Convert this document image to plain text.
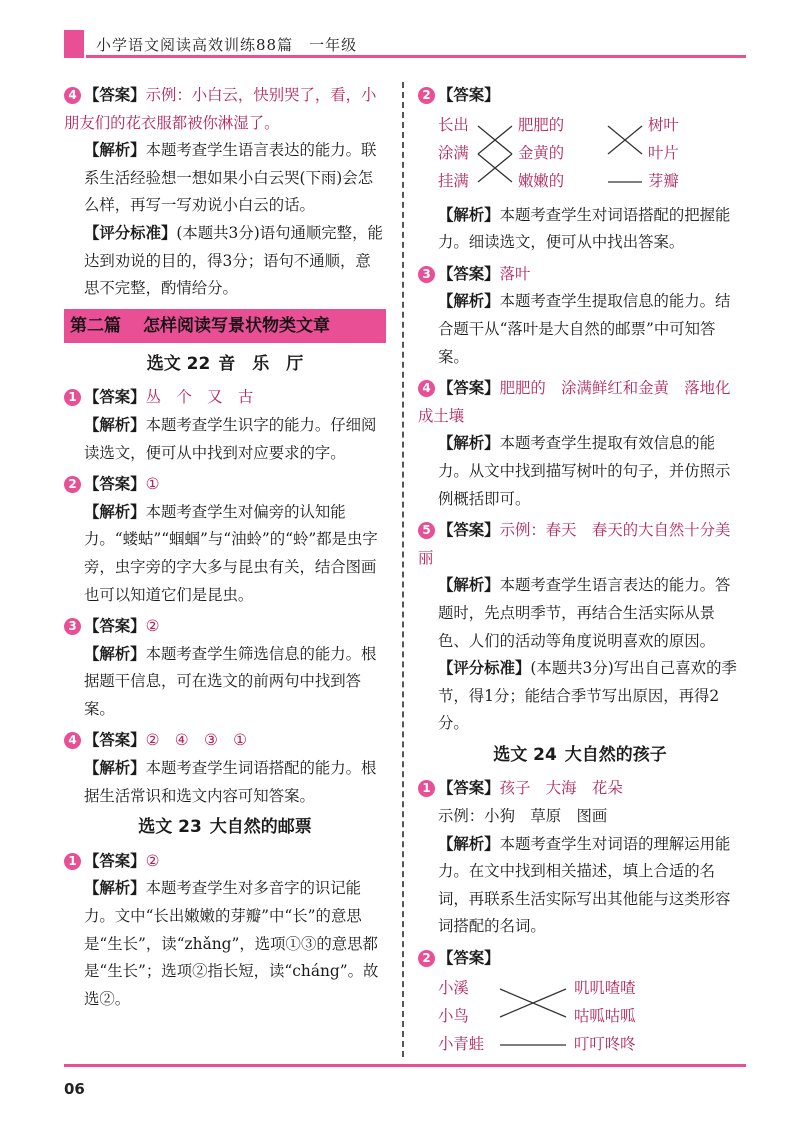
小学语文阅读高效训练88篇　一年级

4 【答案】示例：小白云，快别哭了，看，小朋友们的花衣服都被你淋湿了。

【解析】本题考查学生语言表达的能力。联系生活经验想一想如果小白云哭(下雨)会怎么样，再写一写劝说小白云的话。

【评分标准】(本题共3分)语句通顺完整，能达到劝说的目的，得3分；语句不通顺，意思不完整，酌情给分。

第二篇 怎样阅读写景状物类文章
选文 22 音　乐　厅

1 【答案】丛　个　又　古

【解析】本题考查学生识字的能力。仔细阅读选文，便可从中找到对应要求的字。

2 【答案】①

【解析】本题考查学生对偏旁的认知能力。“蝼蛄”“蝈蝈”与“油蛉”的“蛉”都是虫字旁，虫字旁的字大多与昆虫有关，结合图画也可以知道它们是昆虫。

3 【答案】②

【解析】本题考查学生筛选信息的能力。根据题干信息，可在选文的前两句中找到答案。

4 【答案】②　④　③　①

【解析】本题考查学生词语搭配的能力。根据生活常识和选文内容可知答案。

选文 23 大自然的邮票

1 【答案】②

【解析】本题考查学生对多音字的识记能力。文中“长出嫩嫩的芽瓣”中“长”的意思是“生长”，读“zhǎng”，选项①③的意思都是“生长”；选项②指长短，读“cháng”。故选②。

2 【答案】

长出
涂满
挂满
肥肥的
金黄的
嫩嫩的
树叶
叶片
芽瓣

【解析】本题考查学生对词语搭配的把握能力。细读选文，便可从中找出答案。

3 【答案】落叶

【解析】本题考查学生提取信息的能力。结合题干从“落叶是大自然的邮票”中可知答案。

4 【答案】肥肥的　涂满鲜红和金黄　落地化成土壤

【解析】本题考查学生提取有效信息的能力。从文中找到描写树叶的句子，并仿照示例概括即可。

5 【答案】示例：春天　春天的大自然十分美丽

【解析】本题考查学生语言表达的能力。答题时，先点明季节，再结合生活实际从景色、人们的活动等角度说明喜欢的原因。

【评分标准】(本题共3分)写出自己喜欢的季节，得1分；能结合季节写出原因，再得2分。

选文 24 大自然的孩子

1 【答案】孩子　大海　花朵

示例：小狗　草原　图画

【解析】本题考查学生对词语的理解运用能力。在文中找到相关描述，填上合适的名词，再联系生活实际写出其他能与这类形容词搭配的名词。

2 【答案】

小溪
小鸟
小青蛙
叽叽喳喳
咕呱咕呱
叮叮咚咚
06
